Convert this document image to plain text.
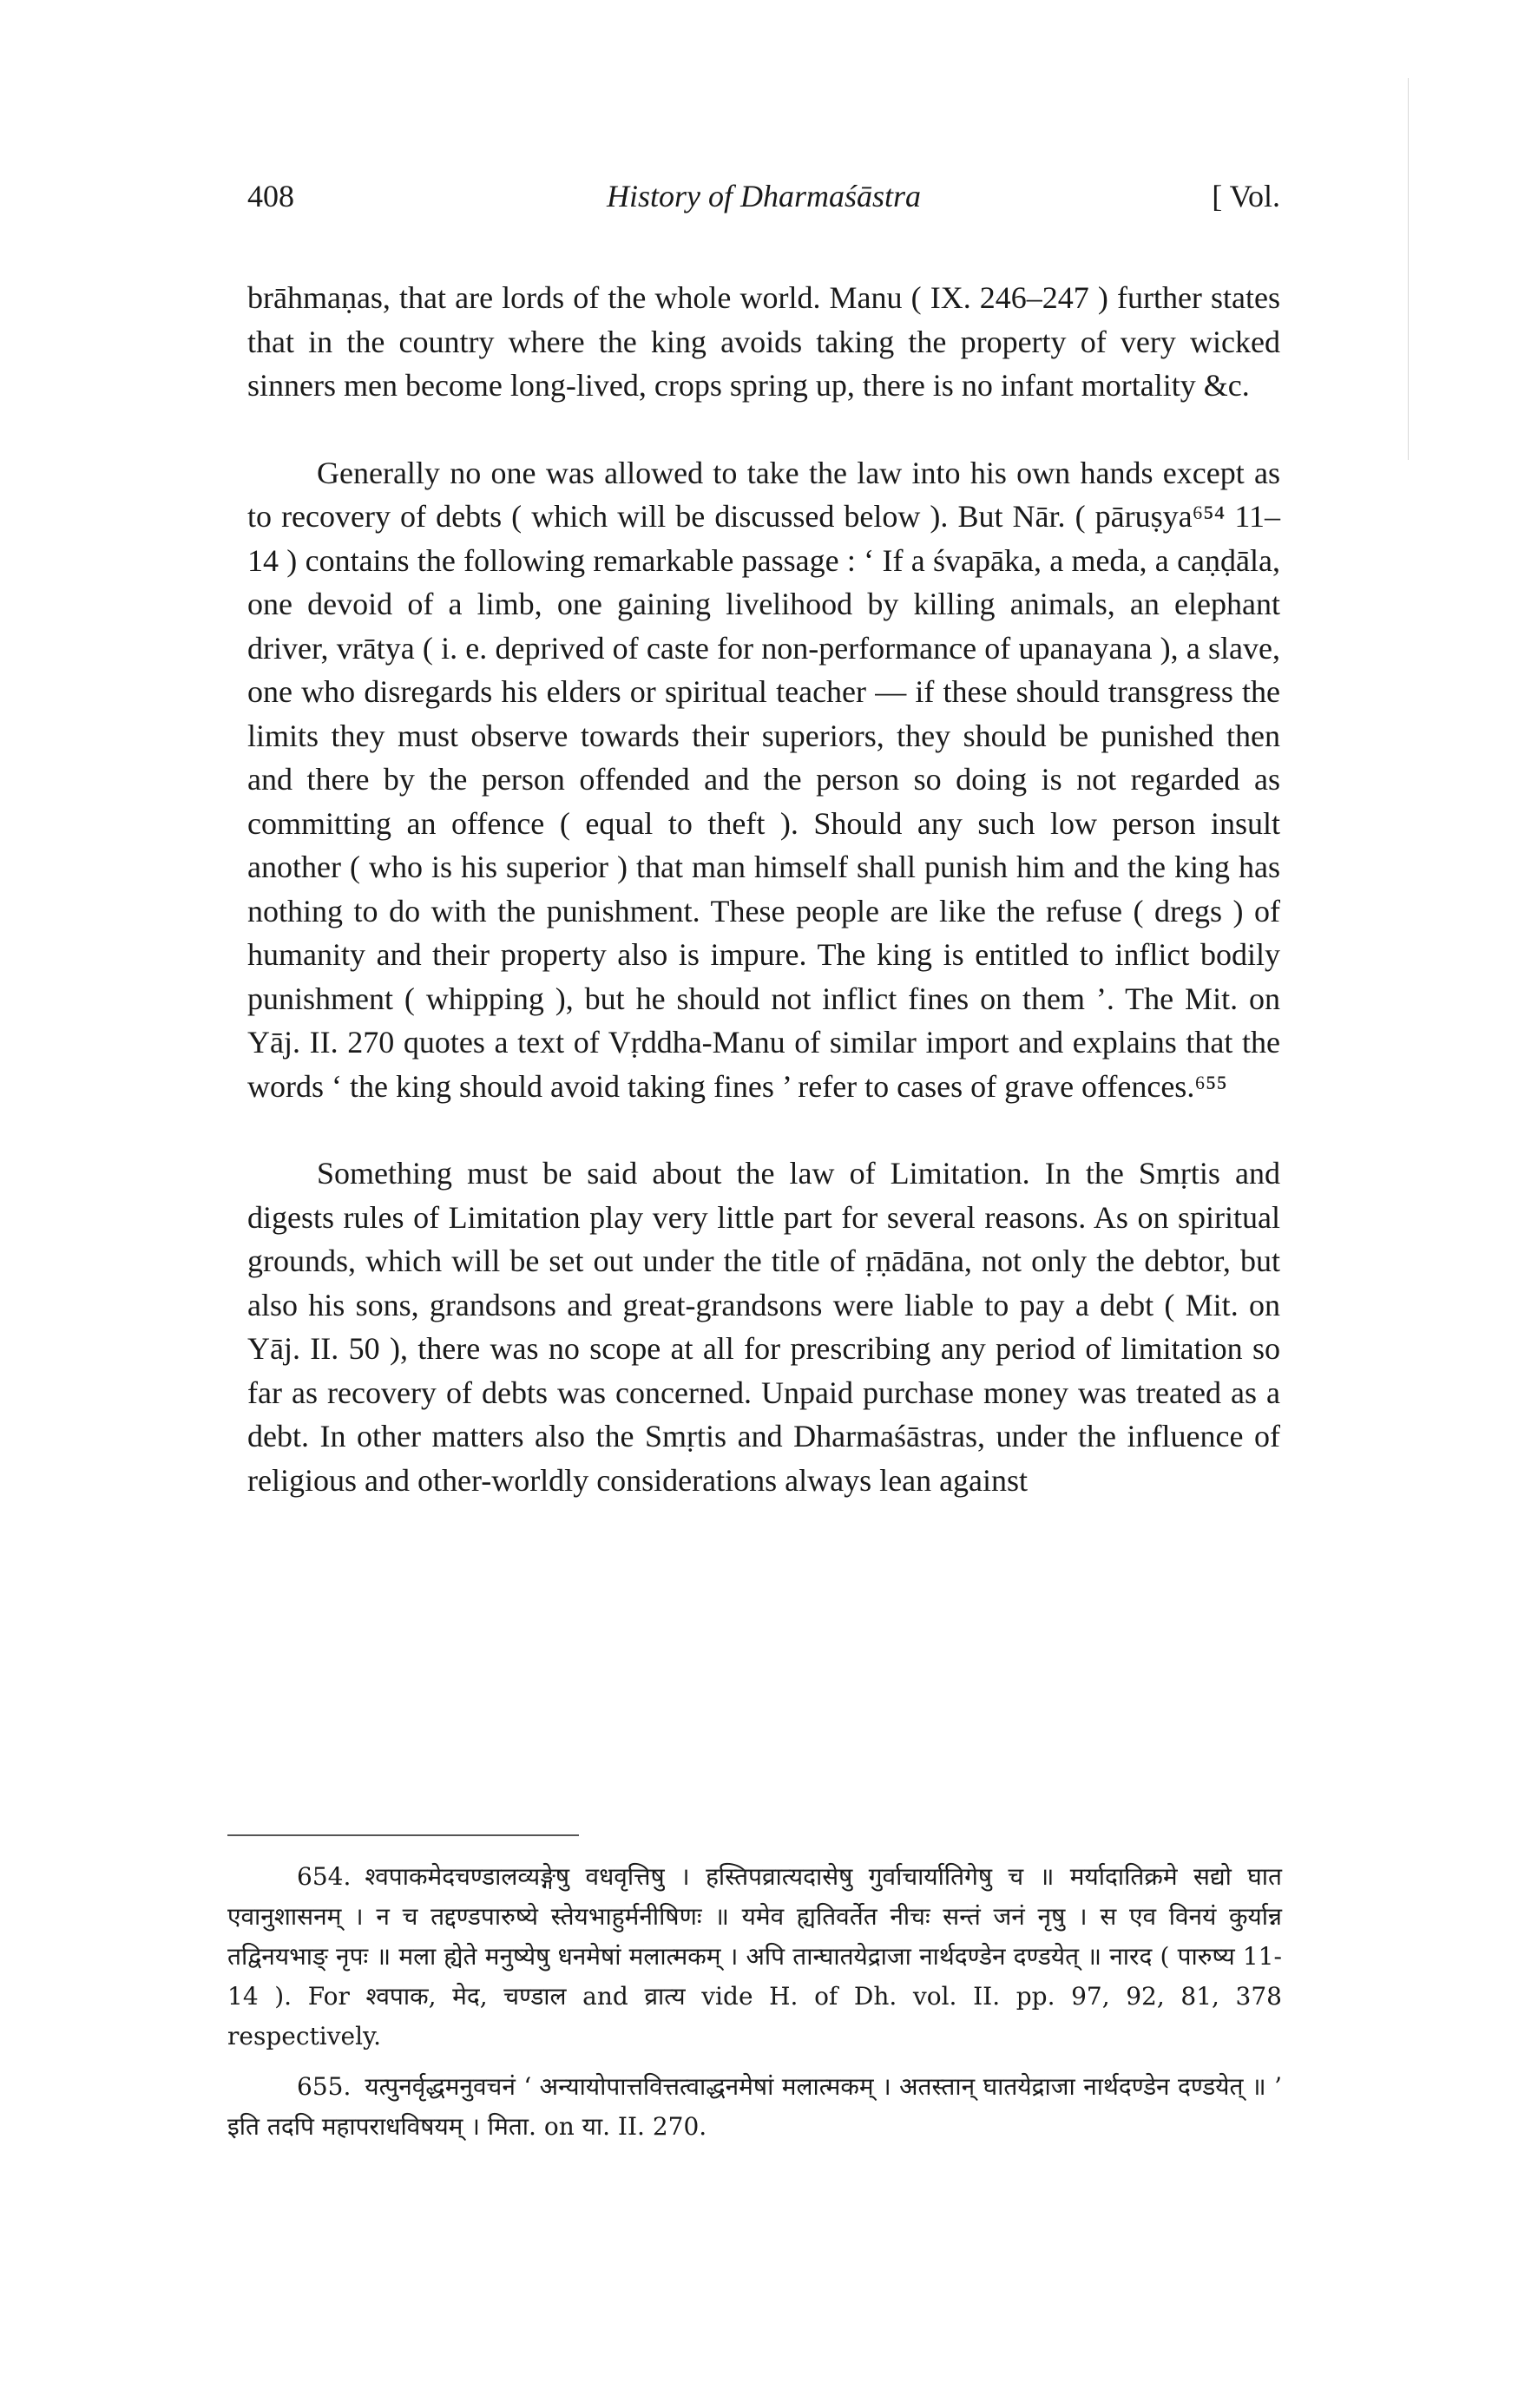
408	History of Dharmaśāstra	[ Vol.

brāhmaṇas, that are lords of the whole world. Manu ( IX. 246–247 ) further states that in the country where the king avoids taking the property of very wicked sinners men become long-lived, crops spring up, there is no infant mortality &c.

Generally no one was allowed to take the law into his own hands except as to recovery of debts ( which will be discussed below ). But Nār. ( pāruṣya⁶⁵⁴ 11–14 ) contains the following remarkable passage : ‘ If a śvapāka, a meda, a caṇḍāla, one devoid of a limb, one gaining livelihood by killing animals, an elephant driver, vrātya ( i. e. deprived of caste for non-performance of upanayana ), a slave, one who disregards his elders or spiritual teacher — if these should transgress the limits they must observe towards their superiors, they should be punished then and there by the person offended and the person so doing is not regarded as committing an offence ( equal to theft ). Should any such low person insult another ( who is his superior ) that man himself shall punish him and the king has nothing to do with the punishment. These people are like the refuse ( dregs ) of humanity and their property also is impure. The king is entitled to inflict bodily punishment ( whipping ), but he should not inflict fines on them ’. The Mit. on Yāj. II. 270 quotes a text of Vṛddha-Manu of similar import and explains that the words ‘ the king should avoid taking fines ’ refer to cases of grave offences.⁶⁵⁵

Something must be said about the law of Limitation. In the Smṛtis and digests rules of Limitation play very little part for several reasons. As on spiritual grounds, which will be set out under the title of ṛṇādāna, not only the debtor, but also his sons, grandsons and great-grandsons were liable to pay a debt ( Mit. on Yāj. II. 50 ), there was no scope at all for prescribing any period of limitation so far as recovery of debts was concerned. Unpaid purchase money was treated as a debt. In other matters also the Smṛtis and Dharmaśāstras, under the influence of religious and other-worldly considerations always lean against

654. श्वपाकमेदचण्डालव्यङ्गेषु वधवृत्तिषु । हस्तिपव्रात्यदासेषु गुर्वाचार्यातिगेषु च ॥ मर्यादातिक्रमे सद्यो घात एवानुशासनम् । न च तद्दण्डपारुष्ये स्तेयभाहुर्मनीषिणः ॥ यमेव ह्यतिवर्तेत नीचः सन्तं जनं नृषु । स एव विनयं कुर्यान्न तद्विनयभाङ् नृपः ॥ मला ह्येते मनुष्येषु धनमेषां मलात्मकम् । अपि तान्घातयेद्राजा नार्थदण्डेन दण्डयेत् ॥ नारद ( पारुष्य 11-14 ). For श्वपाक, मेद, चण्डाल and व्रात्य vide H. of Dh. vol. II. pp. 97, 92, 81, 378 respectively.

655. यत्पुनर्वृद्धमनुवचनं ‘ अन्यायोपात्तवित्तत्वाद्धनमेषां मलात्मकम् । अतस्तान् घातयेद्राजा नार्थदण्डेन दण्डयेत् ॥ ’ इति तदपि महापराधविषयम् । मिता. on या. II. 270.
